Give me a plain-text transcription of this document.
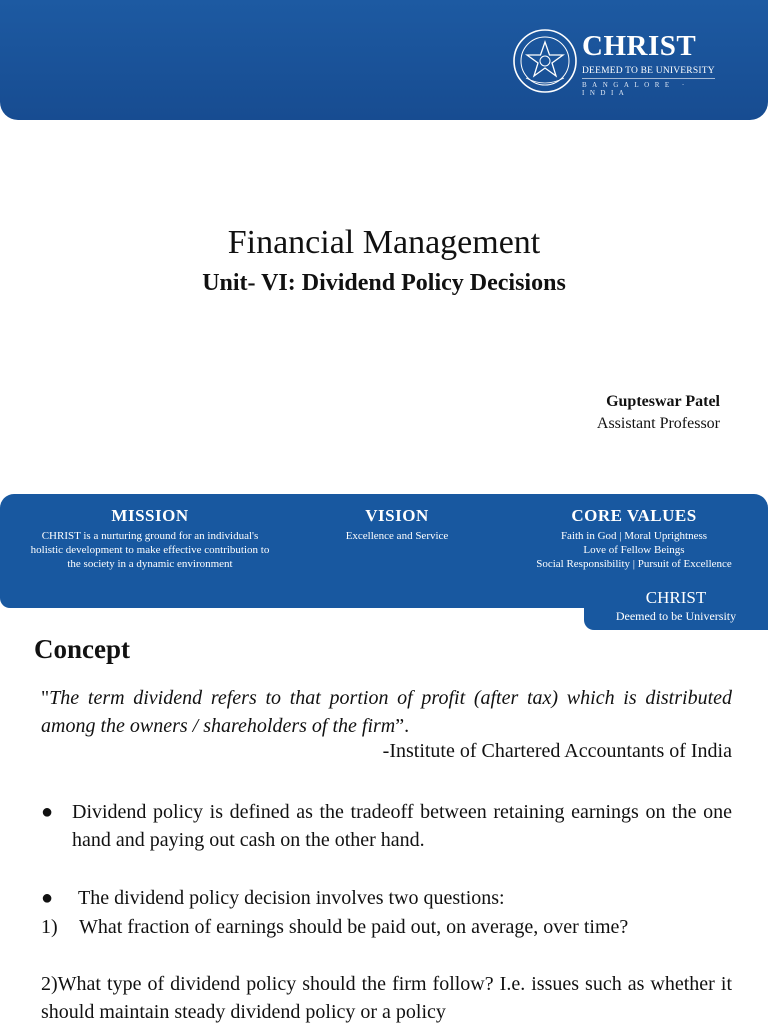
CHRIST
DEEMED TO BE UNIVERSITY
BANGALORE · INDIA
Financial Management
Unit- VI: Dividend Policy Decisions
Gupteswar Patel
Assistant Professor
MISSION
CHRIST is a nurturing ground for an individual's
holistic development to make effective contribution to
the society in a dynamic environment
VISION
Excellence and Service
CORE VALUES
Faith in God | Moral Uprightness
Love of Fellow Beings
Social Responsibility | Pursuit of Excellence
CHRIST
Deemed to be University
Concept
"The term dividend refers to that portion of profit (after tax) which is distributed among the owners / shareholders of the firm”.
-Institute of Chartered Accountants of India
● Dividend policy is defined as the tradeoff between retaining earnings on the one hand and paying out cash on the other hand.
●	The dividend policy decision involves two questions:
1) What fraction of earnings should be paid out, on average, over time?
2)What type of dividend policy should the firm follow? I.e. issues such as whether it should maintain steady dividend policy or a policy
